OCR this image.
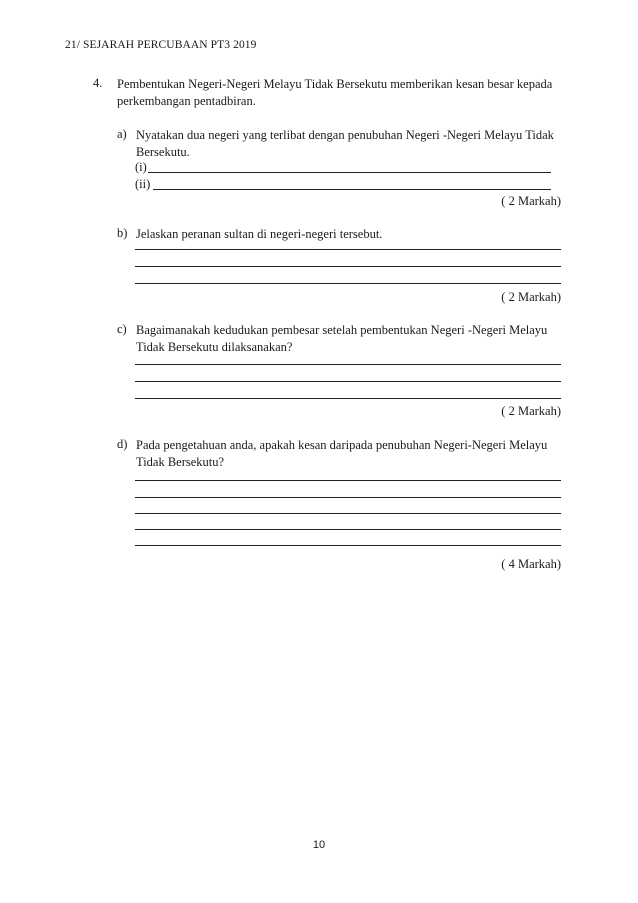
21/ SEJARAH PERCUBAAN PT3 2019
4. Pembentukan Negeri-Negeri Melayu Tidak Bersekutu memberikan kesan besar kepada perkembangan pentadbiran.
a) Nyatakan dua negeri yang terlibat dengan penubuhan Negeri -Negeri Melayu Tidak Bersekutu.
(i)
(ii)
( 2 Markah)
b) Jelaskan peranan sultan di negeri-negeri tersebut.
( 2 Markah)
c) Bagaimanakah kedudukan pembesar setelah pembentukan Negeri -Negeri Melayu Tidak Bersekutu dilaksanakan?
( 2 Markah)
d) Pada pengetahuan anda, apakah kesan daripada penubuhan Negeri-Negeri Melayu Tidak Bersekutu?
( 4 Markah)
10
